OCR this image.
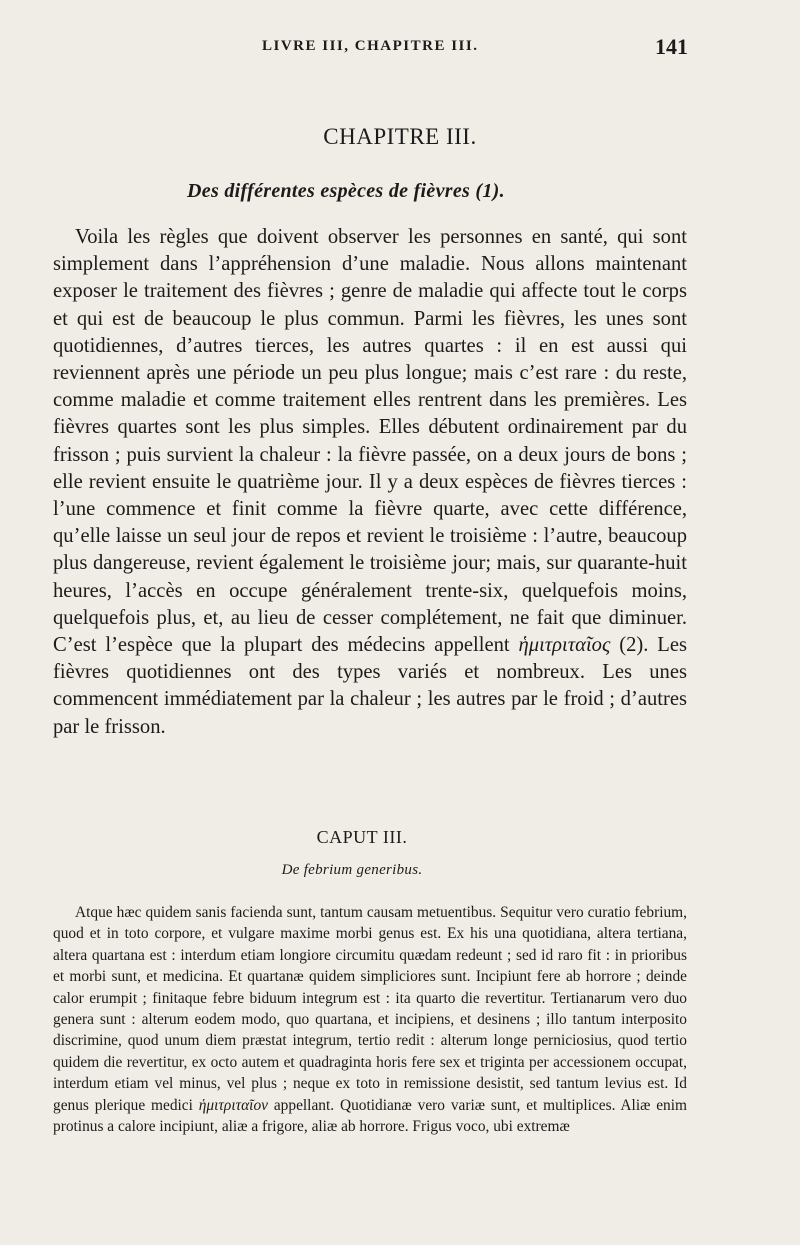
LIVRE III, CHAPITRE III.	141
CHAPITRE III.
Des différentes espèces de fièvres (1).

Voila les règles que doivent observer les personnes en santé, qui sont simplement dans l’appréhension d’une maladie. Nous allons maintenant exposer le traitement des fièvres ; genre de maladie qui affecte tout le corps et qui est de beaucoup le plus commun. Parmi les fièvres, les unes sont quotidiennes, d’autres tierces, les autres quartes : il en est aussi qui reviennent après une période un peu plus longue; mais c’est rare : du reste, comme maladie et comme traitement elles rentrent dans les premières. Les fièvres quartes sont les plus simples. Elles débutent ordinairement par du frisson ; puis survient la chaleur : la fièvre passée, on a deux jours de bons ; elle revient ensuite le quatrième jour. Il y a deux espèces de fièvres tierces : l’une commence et finit comme la fièvre quarte, avec cette différence, qu’elle laisse un seul jour de repos et revient le troisième : l’autre, beaucoup plus dangereuse, revient également le troisième jour; mais, sur quarante-huit heures, l’accès en occupe généralement trente-six, quelquefois moins, quelquefois plus, et, au lieu de cesser complétement, ne fait que diminuer. C’est l’espèce que la plupart des médecins appellent ἡμιτριταῖος (2). Les fièvres quotidiennes ont des types variés et nombreux. Les unes commencent immédiatement par la chaleur ; les autres par le froid ; d’autres par le frisson.

CAPUT III.
De febrium generibus.

Atque hæc quidem sanis facienda sunt, tantum causam metuentibus. Sequitur vero curatio febrium, quod et in toto corpore, et vulgare maxime morbi genus est. Ex his una quotidiana, altera tertiana, altera quartana est : interdum etiam longiore circumitu quædam redeunt ; sed id raro fit : in prioribus et morbi sunt, et medicina. Et quartanæ quidem simpliciores sunt. Incipiunt fere ab horrore ; deinde calor erumpit ; finitaque febre biduum integrum est : ita quarto die revertitur. Tertianarum vero duo genera sunt : alterum eodem modo, quo quartana, et incipiens, et desinens ; illo tantum interposito discrimine, quod unum diem præstat integrum, tertio redit : alterum longe perniciosius, quod tertio quidem die revertitur, ex octo autem et quadraginta horis fere sex et triginta per accessionem occupat, interdum etiam vel minus, vel plus ; neque ex toto in remissione desistit, sed tantum levius est. Id genus plerique medici ἡμιτριταῖον appellant. Quotidianæ vero variæ sunt, et multiplices. Aliæ enim protinus a calore incipiunt, aliæ a frigore, aliæ ab horrore. Frigus voco, ubi extremæ
